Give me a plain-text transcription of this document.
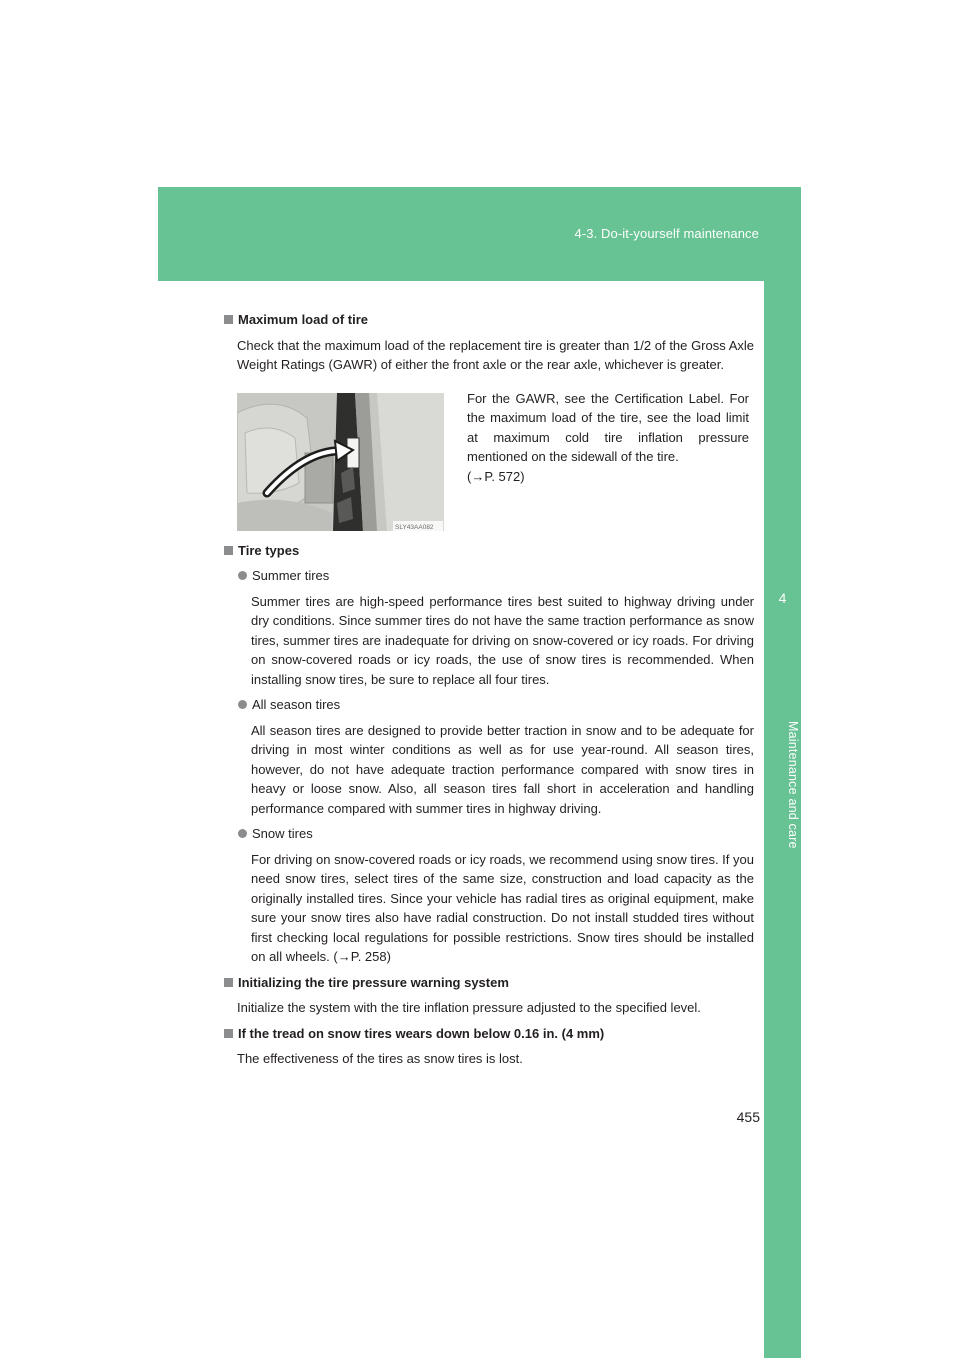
4-3. Do-it-yourself maintenance
4
Maintenance and care
Maximum load of tire
Check that the maximum load of the replacement tire is greater than 1/2 of the Gross Axle Weight Ratings (GAWR) of either the front axle or the rear axle, whichever is greater.
SLY43AA082
For the GAWR, see the Certification Label. For the maximum load of the tire, see the load limit at maximum cold tire inflation pressure mentioned on the sidewall of the tire.
(→P. 572)
Tire types
Summer tires
Summer tires are high-speed performance tires best suited to highway driving under dry conditions. Since summer tires do not have the same traction performance as snow tires, summer tires are inadequate for driving on snow-covered or icy roads. For driving on snow-covered roads or icy roads, the use of snow tires is recommended. When installing snow tires, be sure to replace all four tires.
All season tires
All season tires are designed to provide better traction in snow and to be adequate for driving in most winter conditions as well as for use year-round. All season tires, however, do not have adequate traction performance compared with snow tires in heavy or loose snow. Also, all season tires fall short in acceleration and handling performance compared with summer tires in highway driving.
Snow tires
For driving on snow-covered roads or icy roads, we recommend using snow tires. If you need snow tires, select tires of the same size, construction and load capacity as the originally installed tires. Since your vehicle has radial tires as original equipment, make sure your snow tires also have radial construction. Do not install studded tires without first checking local regulations for possible restrictions. Snow tires should be installed on all wheels. (→P. 258)
Initializing the tire pressure warning system
Initialize the system with the tire inflation pressure adjusted to the specified level.
If the tread on snow tires wears down below 0.16 in. (4 mm)
The effectiveness of the tires as snow tires is lost.
455
